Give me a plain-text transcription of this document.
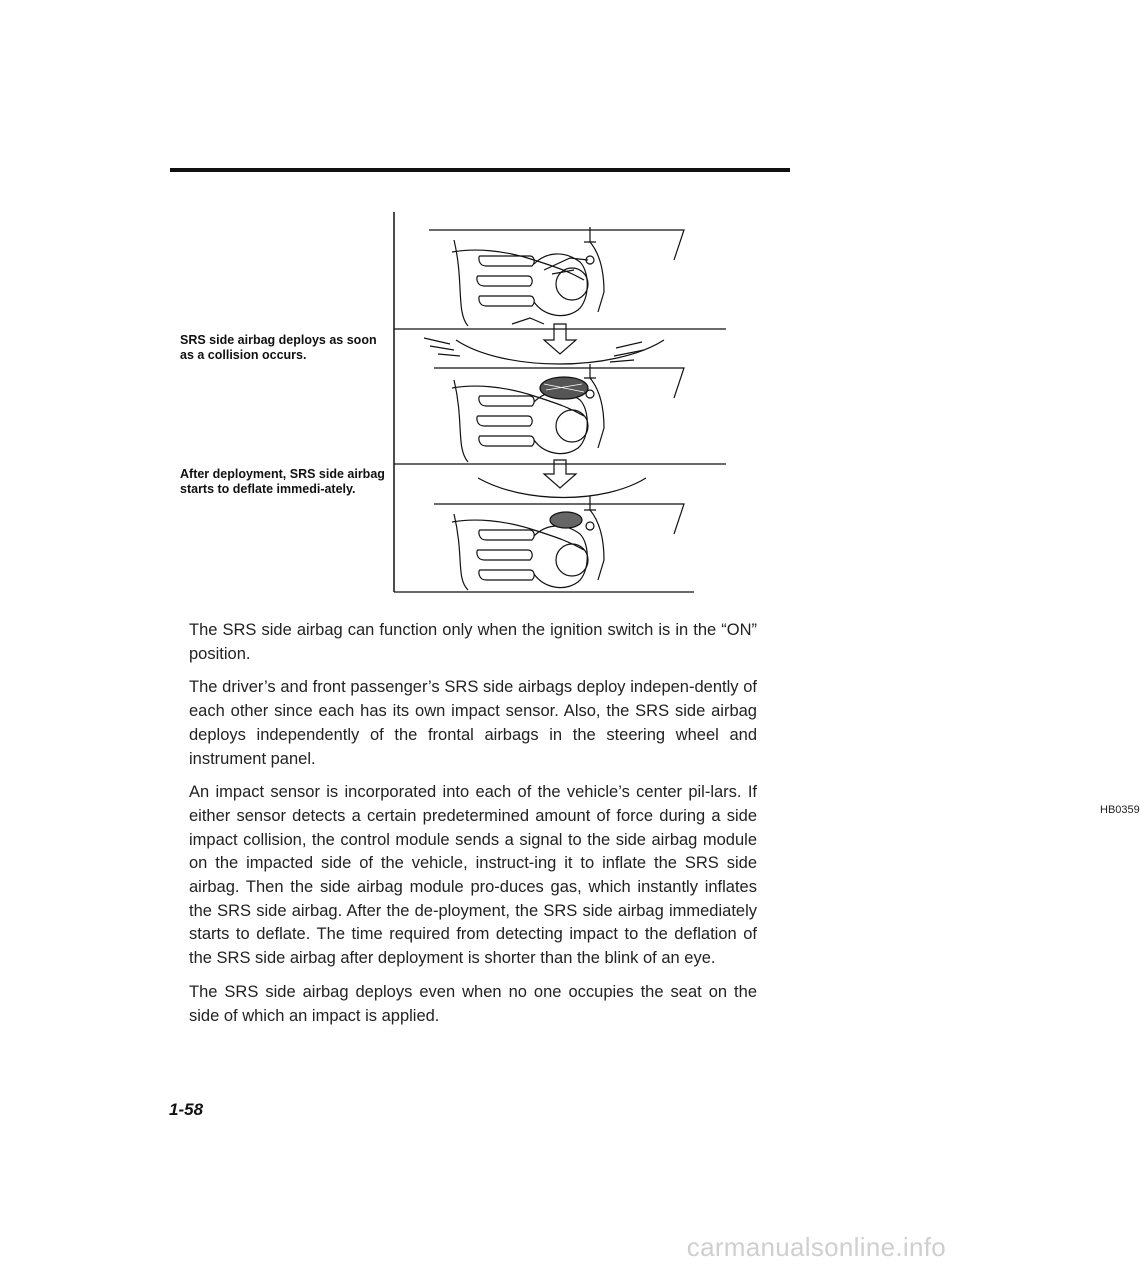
SRS side airbag deploys as soon as a collision occurs.
After deployment, SRS side airbag starts to deflate immedi-ately.
HB0359

The SRS side airbag can function only when the ignition switch is in the “ON” position.

The driver’s and front passenger’s SRS side airbags deploy indepen-dently of each other since each has its own impact sensor. Also, the SRS side airbag deploys independently of the frontal airbags in the steering wheel and instrument panel.

An impact sensor is incorporated into each of the vehicle’s center pil-lars. If either sensor detects a certain predetermined amount of force during a side impact collision, the control module sends a signal to the side airbag module on the impacted side of the vehicle, instruct-ing it to inflate the SRS side airbag. Then the side airbag module pro-duces gas, which instantly inflates the SRS side airbag. After the de-ployment, the SRS side airbag immediately starts to deflate. The time required from detecting impact to the deflation of the SRS side airbag after deployment is shorter than the blink of an eye.

The SRS side airbag deploys even when no one occupies the seat on the side of which an impact is applied.

1-58
carmanualsonline.info
